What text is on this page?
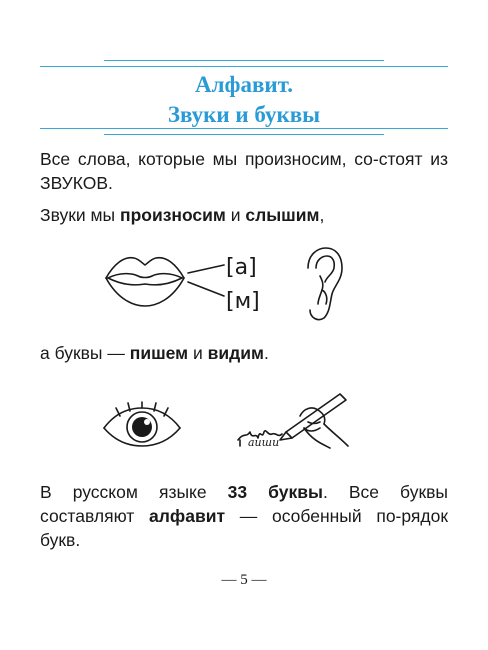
Алфавит.
Звуки и буквы
Все слова, которые мы произносим, со-стоят из ЗВУКОВ.
Звуки мы произносим и слышим,
[а]
[м]
а буквы — пишем и видим.
аиши
В русском языке 33 буквы. Все буквы составляют алфавит — особенный по-рядок букв.
— 5 —
